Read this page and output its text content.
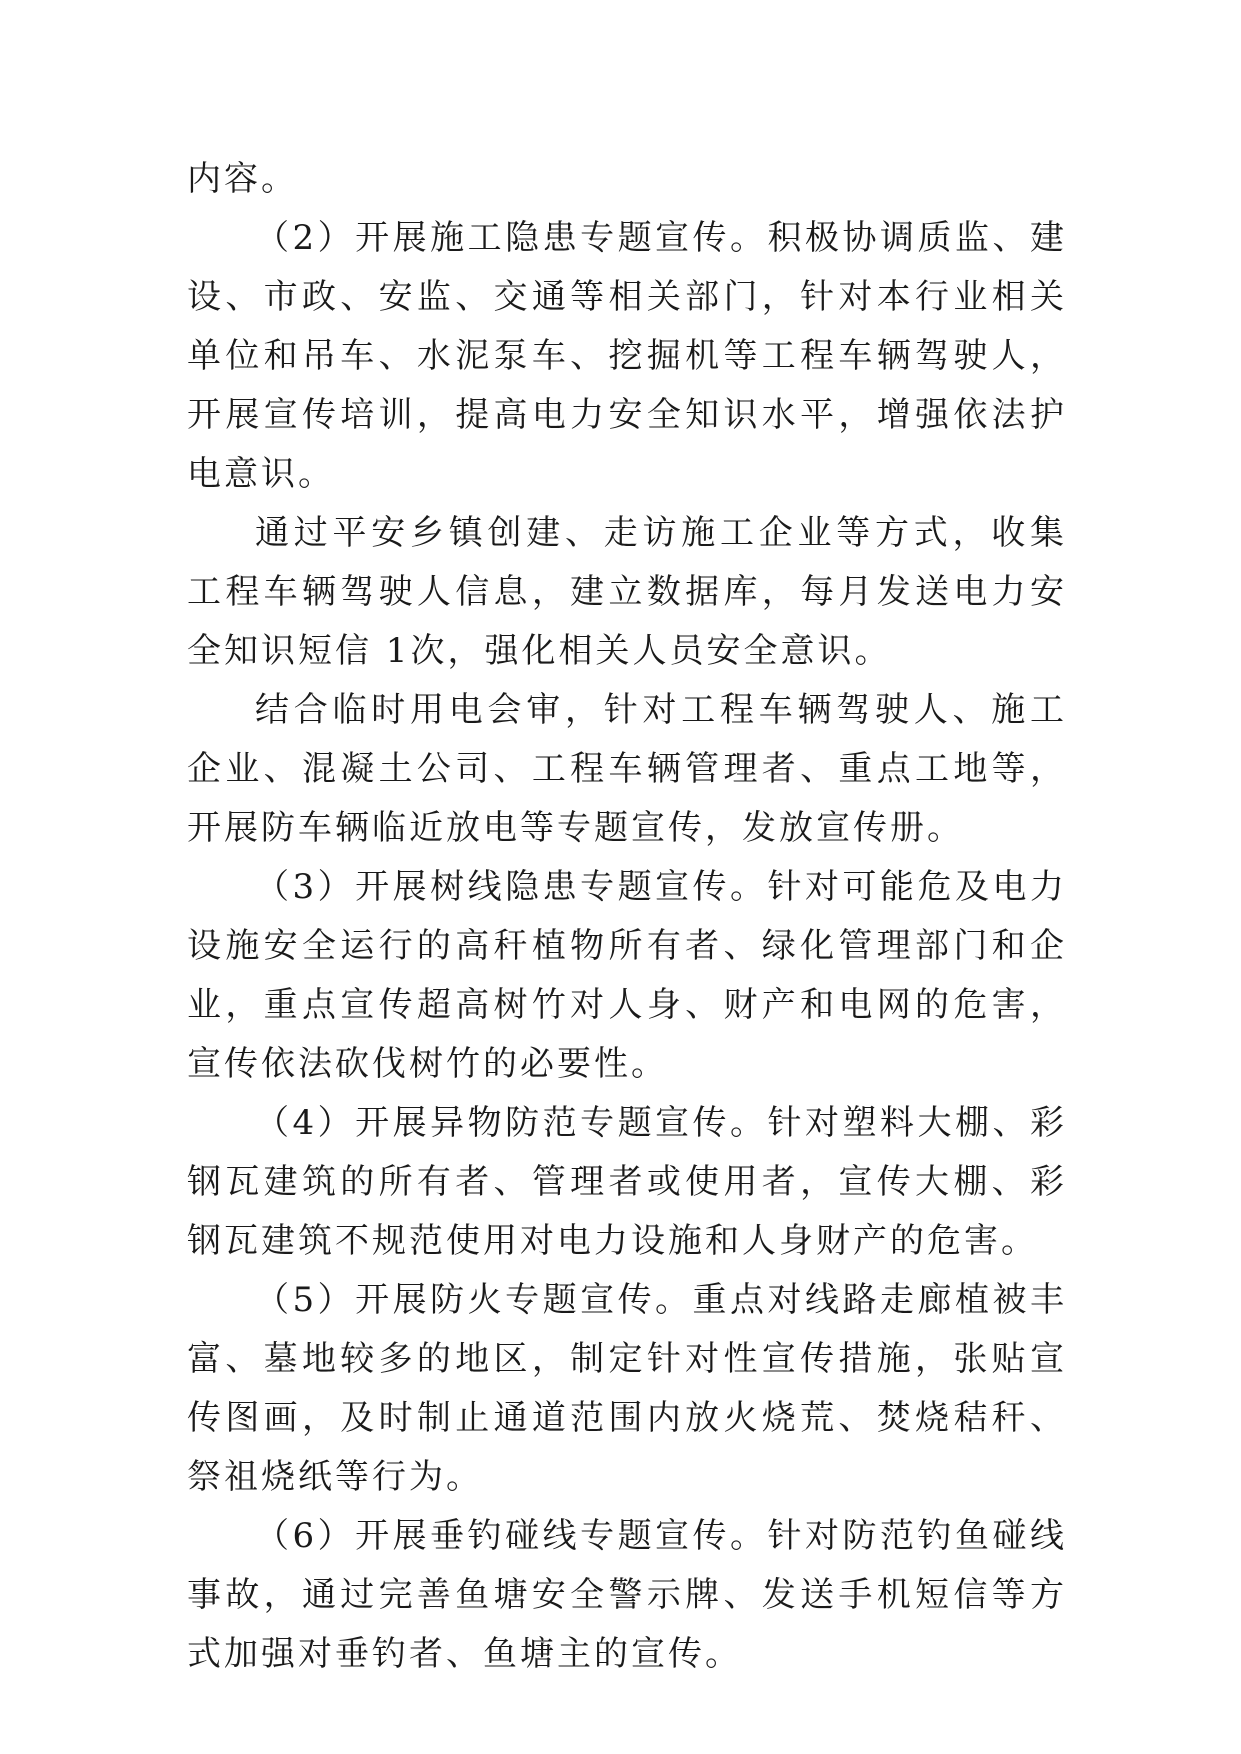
内容。

（2）开展施工隐患专题宣传。积极协调质监、建设、市政、安监、交通等相关部门，针对本行业相关单位和吊车、水泥泵车、挖掘机等工程车辆驾驶人，开展宣传培训，提高电力安全知识水平，增强依法护电意识。

通过平安乡镇创建、走访施工企业等方式，收集工程车辆驾驶人信息，建立数据库，每月发送电力安全知识短信 1次，强化相关人员安全意识。

结合临时用电会审，针对工程车辆驾驶人、施工企业、混凝土公司、工程车辆管理者、重点工地等，开展防车辆临近放电等专题宣传，发放宣传册。

（3）开展树线隐患专题宣传。针对可能危及电力设施安全运行的高秆植物所有者、绿化管理部门和企业，重点宣传超高树竹对人身、财产和电网的危害，宣传依法砍伐树竹的必要性。

（4）开展异物防范专题宣传。针对塑料大棚、彩钢瓦建筑的所有者、管理者或使用者，宣传大棚、彩钢瓦建筑不规范使用对电力设施和人身财产的危害。

（5）开展防火专题宣传。重点对线路走廊植被丰富、墓地较多的地区，制定针对性宣传措施，张贴宣传图画，及时制止通道范围内放火烧荒、焚烧秸秆、祭祖烧纸等行为。

（6）开展垂钓碰线专题宣传。针对防范钓鱼碰线事故，通过完善鱼塘安全警示牌、发送手机短信等方式加强对垂钓者、鱼塘主的宣传。
